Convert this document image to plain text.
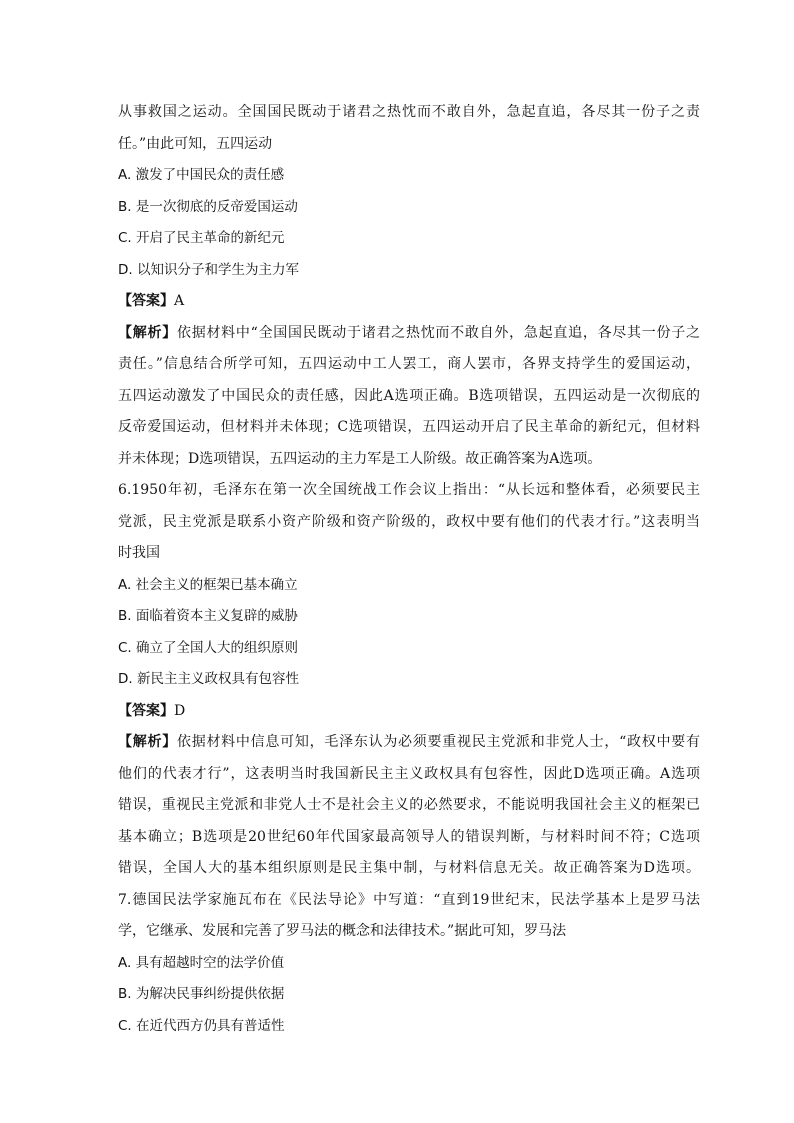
从事救国之运动。全国国民既动于诸君之热忱而不敢自外，急起直追，各尽其一份子之责
任。”由此可知，五四运动
A. 激发了中国民众的责任感
B. 是一次彻底的反帝爱国运动
C. 开启了民主革命的新纪元
D. 以知识分子和学生为主力军
【答案】A
【解析】依据材料中“全国国民既动于诸君之热忱而不敢自外，急起直追，各尽其一份子之
责任。”信息结合所学可知，五四运动中工人罢工，商人罢市，各界支持学生的爱国运动，
五四运动激发了中国民众的责任感，因此A选项正确。B选项错误，五四运动是一次彻底的
反帝爱国运动，但材料并未体现；C选项错误，五四运动开启了民主革命的新纪元，但材料
并未体现；D选项错误，五四运动的主力军是工人阶级。故正确答案为A选项。
6.1950年初，毛泽东在第一次全国统战工作会议上指出：“从长远和整体看，必须要民主
党派，民主党派是联系小资产阶级和资产阶级的，政权中要有他们的代表才行。”这表明当
时我国
A. 社会主义的框架已基本确立
B. 面临着资本主义复辟的威胁
C. 确立了全国人大的组织原则
D. 新民主主义政权具有包容性
【答案】D
【解析】依据材料中信息可知，毛泽东认为必须要重视民主党派和非党人士，“政权中要有
他们的代表才行”，这表明当时我国新民主主义政权具有包容性，因此D选项正确。A选项
错误，重视民主党派和非党人士不是社会主义的必然要求，不能说明我国社会主义的框架已
基本确立；B选项是20世纪60年代国家最高领导人的错误判断，与材料时间不符；C选项
错误，全国人大的基本组织原则是民主集中制，与材料信息无关。故正确答案为D选项。
7.德国民法学家施瓦布在《民法导论》中写道：“直到19世纪末，民法学基本上是罗马法
学，它继承、发展和完善了罗马法的概念和法律技术。”据此可知，罗马法
A. 具有超越时空的法学价值
B. 为解决民事纠纷提供依据
C. 在近代西方仍具有普适性
